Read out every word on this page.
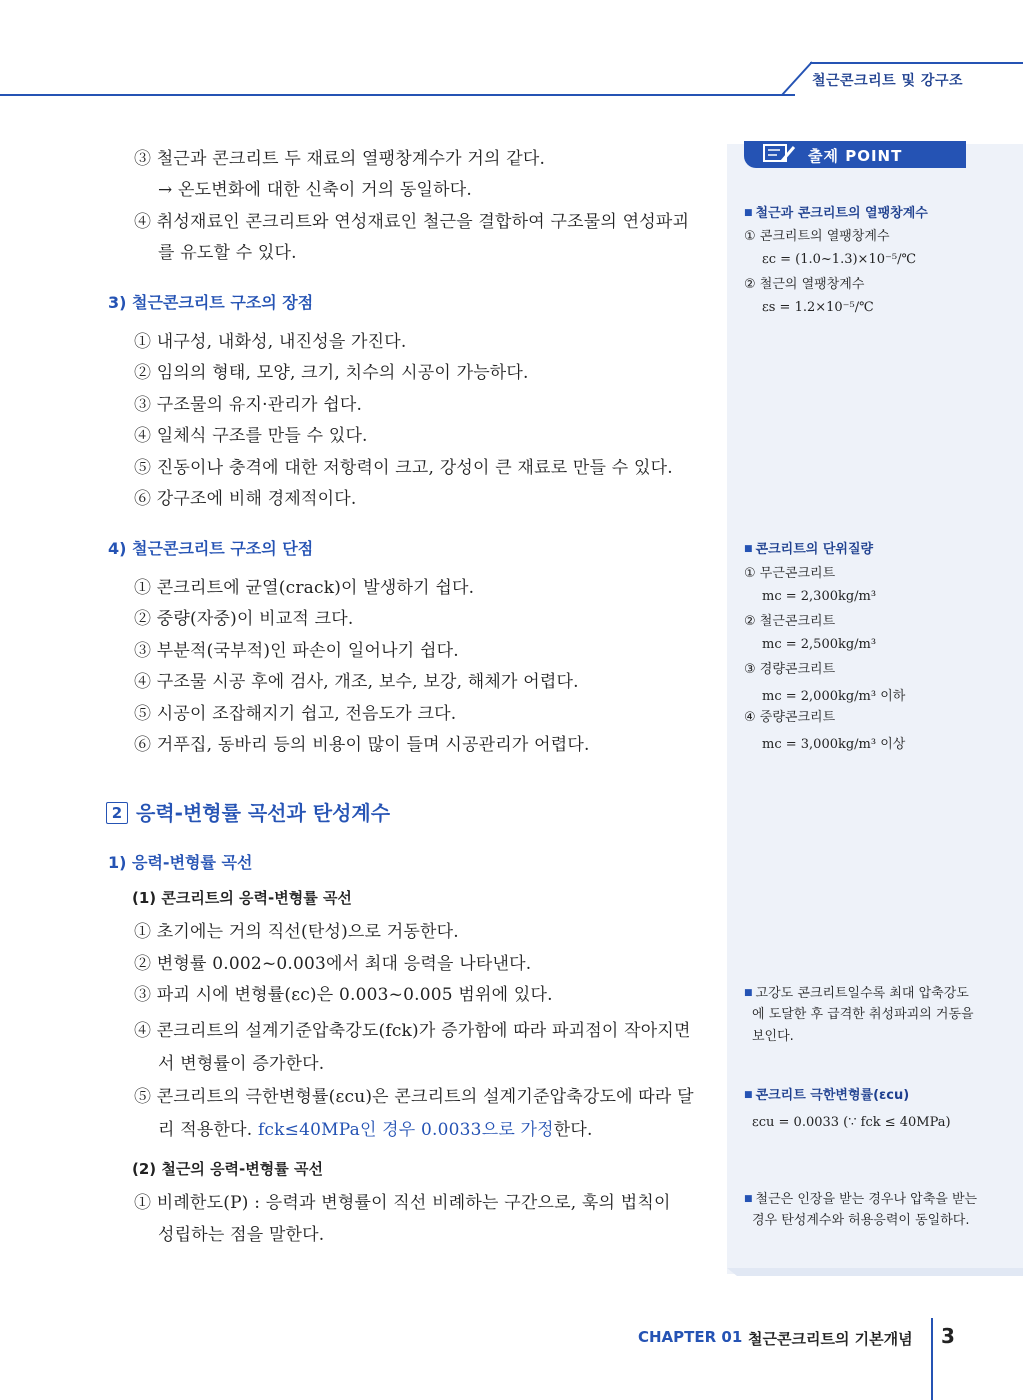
철근콘크리트 및 강구조
출제 POINT
■ 철근과 콘크리트의 열팽창계수
① 콘크리트의 열팽창계수
εc = (1.0~1.3)×10⁻⁵/℃
② 철근의 열팽창계수
εs = 1.2×10⁻⁵/℃
■ 콘크리트의 단위질량
① 무근콘크리트
mc = 2,300kg/m³
② 철근콘크리트
mc = 2,500kg/m³
③ 경량콘크리트
mc = 2,000kg/m³ 이하
④ 중량콘크리트
mc = 3,000kg/m³ 이상
■ 고강도 콘크리트일수록 최대 압축강도
에 도달한 후 급격한 취성파괴의 거동을
보인다.
■ 콘크리트 극한변형률(εcu)
εcu = 0.0033 (∵ fck ≤ 40MPa)
■ 철근은 인장을 받는 경우나 압축을 받는
경우 탄성계수와 허용응력이 동일하다.
③ 철근과 콘크리트 두 재료의 열팽창계수가 거의 같다.
→ 온도변화에 대한 신축이 거의 동일하다.
④ 취성재료인 콘크리트와 연성재료인 철근을 결합하여 구조물의 연성파괴
를 유도할 수 있다.
3) 철근콘크리트 구조의 장점
① 내구성, 내화성, 내진성을 가진다.
② 임의의 형태, 모양, 크기, 치수의 시공이 가능하다.
③ 구조물의 유지·관리가 쉽다.
④ 일체식 구조를 만들 수 있다.
⑤ 진동이나 충격에 대한 저항력이 크고, 강성이 큰 재료로 만들 수 있다.
⑥ 강구조에 비해 경제적이다.
4) 철근콘크리트 구조의 단점
① 콘크리트에 균열(crack)이 발생하기 쉽다.
② 중량(자중)이 비교적 크다.
③ 부분적(국부적)인 파손이 일어나기 쉽다.
④ 구조물 시공 후에 검사, 개조, 보수, 보강, 해체가 어렵다.
⑤ 시공이 조잡해지기 쉽고, 전음도가 크다.
⑥ 거푸집, 동바리 등의 비용이 많이 들며 시공관리가 어렵다.
2 응력-변형률 곡선과 탄성계수
1) 응력-변형률 곡선
(1) 콘크리트의 응력-변형률 곡선
① 초기에는 거의 직선(탄성)으로 거동한다.
② 변형률 0.002~0.003에서 최대 응력을 나타낸다.
③ 파괴 시에 변형률(εc)은 0.003~0.005 범위에 있다.
④ 콘크리트의 설계기준압축강도(fck)가 증가함에 따라 파괴점이 작아지면
서 변형률이 증가한다.
⑤ 콘크리트의 극한변형률(εcu)은 콘크리트의 설계기준압축강도에 따라 달
리 적용한다. fck≤40MPa인 경우 0.0033으로 가정한다.
(2) 철근의 응력-변형률 곡선
① 비례한도(P) : 응력과 변형률이 직선 비례하는 구간으로, 훅의 법칙이
성립하는 점을 말한다.
CHAPTER 01 철근콘크리트의 기본개념 3
